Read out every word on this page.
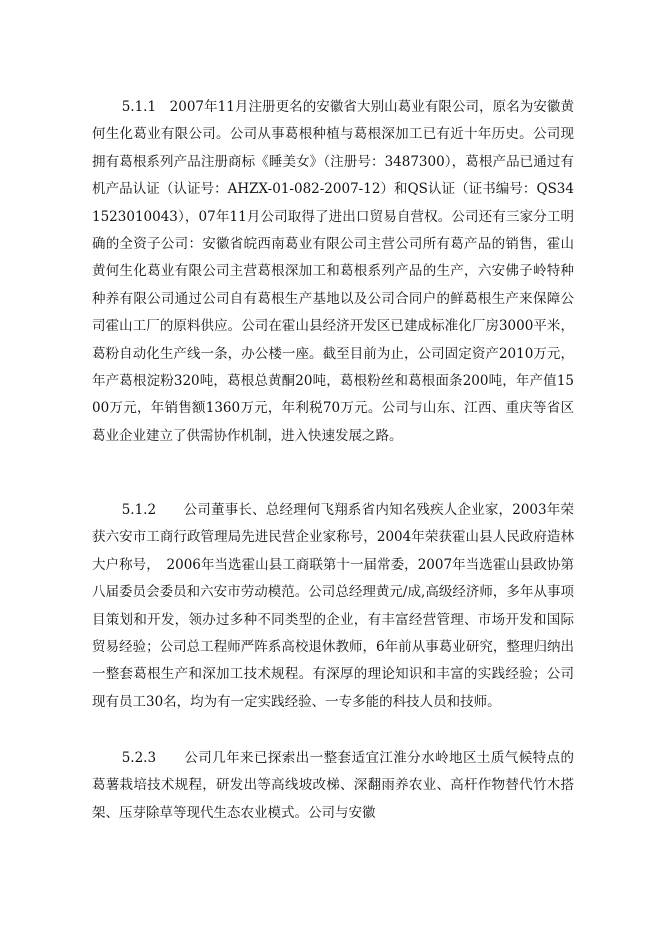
5.1.1　2007年11月注册更名的安徽省大别山葛业有限公司，原名为安徽黄何生化葛业有限公司。公司从事葛根种植与葛根深加工已有近十年历史。公司现拥有葛根系列产品注册商标《睡美女》（注册号：3487300），葛根产品已通过有机产品认证（认证号：AHZX-01-082-2007-12）和QS认证（证书编号：QS341523010043），07年11月公司取得了进出口贸易自营权。公司还有三家分工明确的全资子公司：安徽省皖西南葛业有限公司主营公司所有葛产品的销售，霍山黄何生化葛业有限公司主营葛根深加工和葛根系列产品的生产，六安佛子岭特种种养有限公司通过公司自有葛根生产基地以及公司合同户的鲜葛根生产来保障公司霍山工厂的原料供应。公司在霍山县经济开发区已建成标准化厂房3000平米，葛粉自动化生产线一条，办公楼一座。截至目前为止，公司固定资产2010万元，年产葛根淀粉320吨，葛根总黄酮20吨，葛根粉丝和葛根面条200吨，年产值1500万元，年销售额1360万元，年利税70万元。公司与山东、江西、重庆等省区葛业企业建立了供需协作机制，进入快速发展之路。

5.1.2　　公司董事长、总经理何飞翔系省内知名残疾人企业家，2003年荣获六安市工商行政管理局先进民营企业家称号，2004年荣获霍山县人民政府造林大户称号，　2006年当选霍山县工商联第十一届常委，2007年当选霍山县政协第八届委员会委员和六安市劳动模范。公司总经理黄元/成,高级经济师，多年从事项目策划和开发，领办过多种不同类型的企业，有丰富经营管理、市场开发和国际贸易经验；公司总工程师严阵系高校退休教师，6年前从事葛业研究，整理归纳出一整套葛根生产和深加工技术规程。有深厚的理论知识和丰富的实践经验；公司现有员工30名，均为有一定实践经验、一专多能的科技人员和技师。

5.2.3　　公司几年来已探索出一整套适宜江淮分水岭地区土质气候特点的葛薯栽培技术规程，研发出等高线坡改梯、深翻雨养农业、高杆作物替代竹木搭架、压芽除草等现代生态农业模式。公司与安徽
